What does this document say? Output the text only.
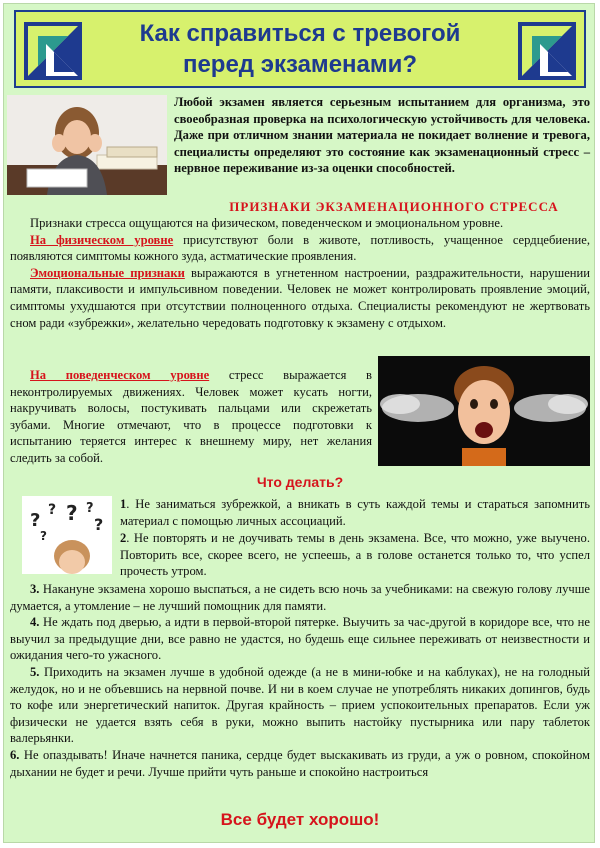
Как справиться с тревогой
перед экзаменами?
Любой экзамен является серьезным испытанием для организма, это своеобразная проверка на психологическую устойчивость для человека. Даже при отличном знании материала не покидает волнение и тревога, специалисты определяют это состояние как экзаменационный стресс – нервное переживание из-за оценки способностей.
ПРИЗНАКИ ЭКЗАМЕНАЦИОННОГО СТРЕССА
Признаки стресса ощущаются на физическом, поведенческом и эмоциональном уровне.
На физическом уровне присутствуют боли в животе, потливость, учащенное сердцебиение, появляются симптомы кожного зуда, астматические проявления.
Эмоциональные признаки выражаются в угнетенном настроении, раздражительности, нарушении памяти, плаксивости и импульсивном поведении. Человек не может контролировать проявление эмоций, симптомы ухудшаются при отсутствии полноценного отдыха. Специалисты рекомендуют не жертвовать сном ради «зубрежки», желательно чередовать подготовку к экзамену с отдыхом.
На поведенческом уровне стресс выражается в неконтролируемых движениях. Человек может кусать ногти, накручивать волосы, постукивать пальцами или скрежетать зубами. Многие отмечают, что в процессе подготовки к испытанию теряется интерес к внешнему миру, нет желания следить за собой.
Что делать?
? ? ? ?
?
?
1. Не заниматься зубрежкой, а вникать в суть каждой темы и стараться запомнить материал с помощью личных ассоциаций.
2. Не повторять и не доучивать темы в день экзамена. Все, что можно, уже выучено. Повторить все, скорее всего, не успеешь, а в голове останется только то, что успел прочесть утром.
3. Накануне экзамена хорошо выспаться, а не сидеть всю ночь за учебниками: на свежую голову лучше думается, а утомление – не лучший помощник для памяти.
4. Не ждать под дверью, а идти в первой-второй пятерке. Выучить за час-другой в коридоре все, что не выучил за предыдущие дни, все равно не удастся, но будешь еще сильнее переживать от неизвестности и ожидания чего-то ужасного.
5. Приходить на экзамен лучше в удобной одежде (а не в мини-юбке и на каблуках), не на голодный желудок, но и не объевшись на нервной почве. И ни в коем случае не употреблять никаких допингов, будь то кофе или энергетический напиток. Другая крайность – прием успокоительных препаратов. Если уж физически не удается взять себя в руки, можно выпить настойку пустырника или пару таблеток валерьянки.
6. Не опаздывать! Иначе начнется паника, сердце будет выскакивать из груди, а уж о ровном, спокойном дыхании не будет и речи. Лучше прийти чуть раньше и спокойно настроиться
Все будет хорошо!
